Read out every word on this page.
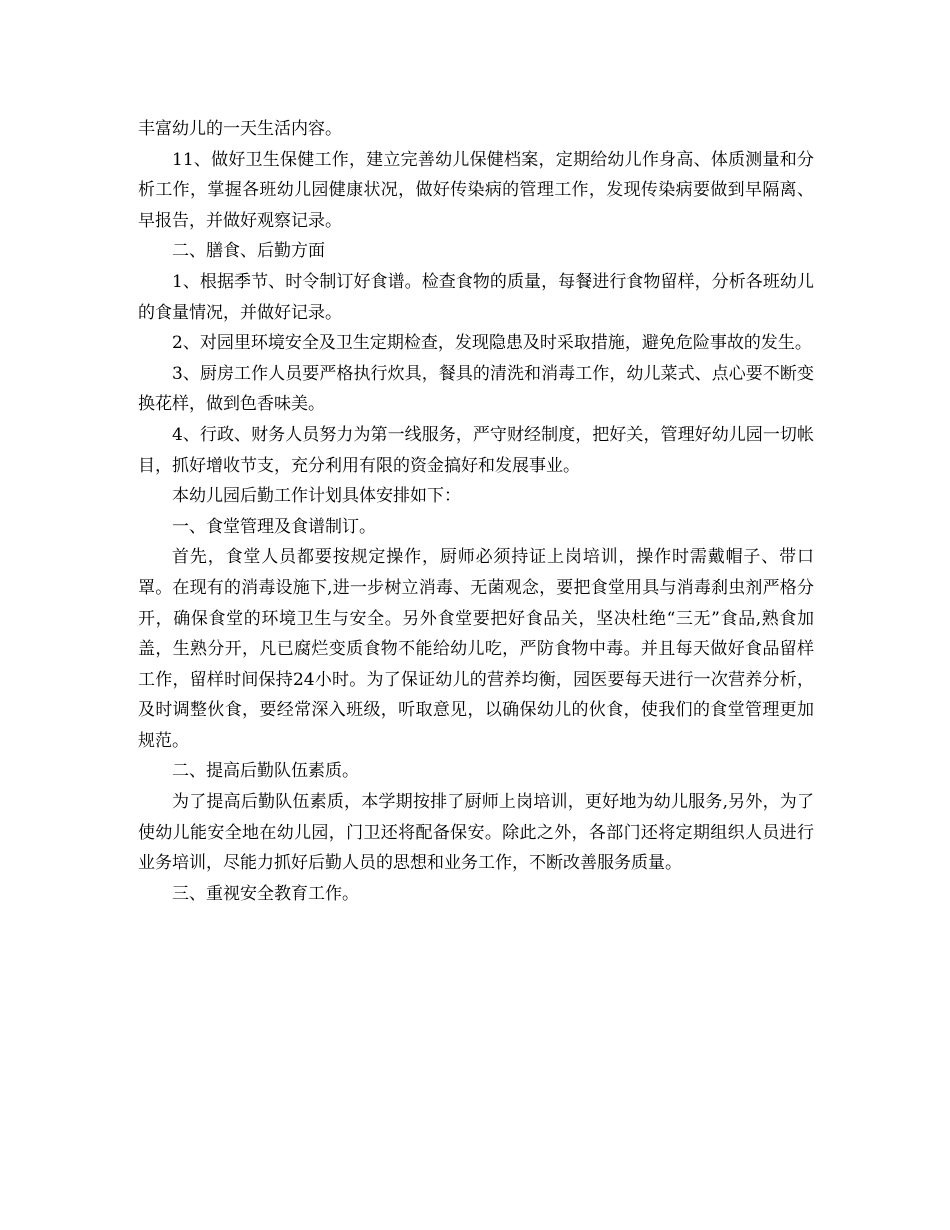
丰富幼儿的一天生活内容。

11、做好卫生保健工作，建立完善幼儿保健档案，定期给幼儿作身高、体质测量和分析工作，掌握各班幼儿园健康状况，做好传染病的管理工作，发现传染病要做到早隔离、早报告，并做好观察记录。

二、膳食、后勤方面

1、根据季节、时令制订好食谱。检查食物的质量，每餐进行食物留样，分析各班幼儿的食量情况，并做好记录。

2、对园里环境安全及卫生定期检查，发现隐患及时采取措施，避免危险事故的发生。

3、厨房工作人员要严格执行炊具，餐具的清洗和消毒工作，幼儿菜式、点心要不断变换花样，做到色香味美。

4、行政、财务人员努力为第一线服务，严守财经制度，把好关，管理好幼儿园一切帐目，抓好增收节支，充分利用有限的资金搞好和发展事业。

本幼儿园后勤工作计划具体安排如下：

一、食堂管理及食谱制订。

首先，食堂人员都要按规定操作，厨师必须持证上岗培训，操作时需戴帽子、带口罩。在现有的消毒设施下,进一步树立消毒、无菌观念，要把食堂用具与消毒刹虫剂严格分开，确保食堂的环境卫生与安全。另外食堂要把好食品关，坚决杜绝“三无”食品,熟食加盖，生熟分开，凡已腐烂变质食物不能给幼儿吃，严防食物中毒。并且每天做好食品留样工作，留样时间保持24小时。为了保证幼儿的营养均衡，园医要每天进行一次营养分析，及时调整伙食，要经常深入班级，听取意见，以确保幼儿的伙食，使我们的食堂管理更加规范。

二、提高后勤队伍素质。

为了提高后勤队伍素质，本学期按排了厨师上岗培训，更好地为幼儿服务,另外，为了使幼儿能安全地在幼儿园，门卫还将配备保安。除此之外，各部门还将定期组织人员进行业务培训，尽能力抓好后勤人员的思想和业务工作，不断改善服务质量。

三、重视安全教育工作。
